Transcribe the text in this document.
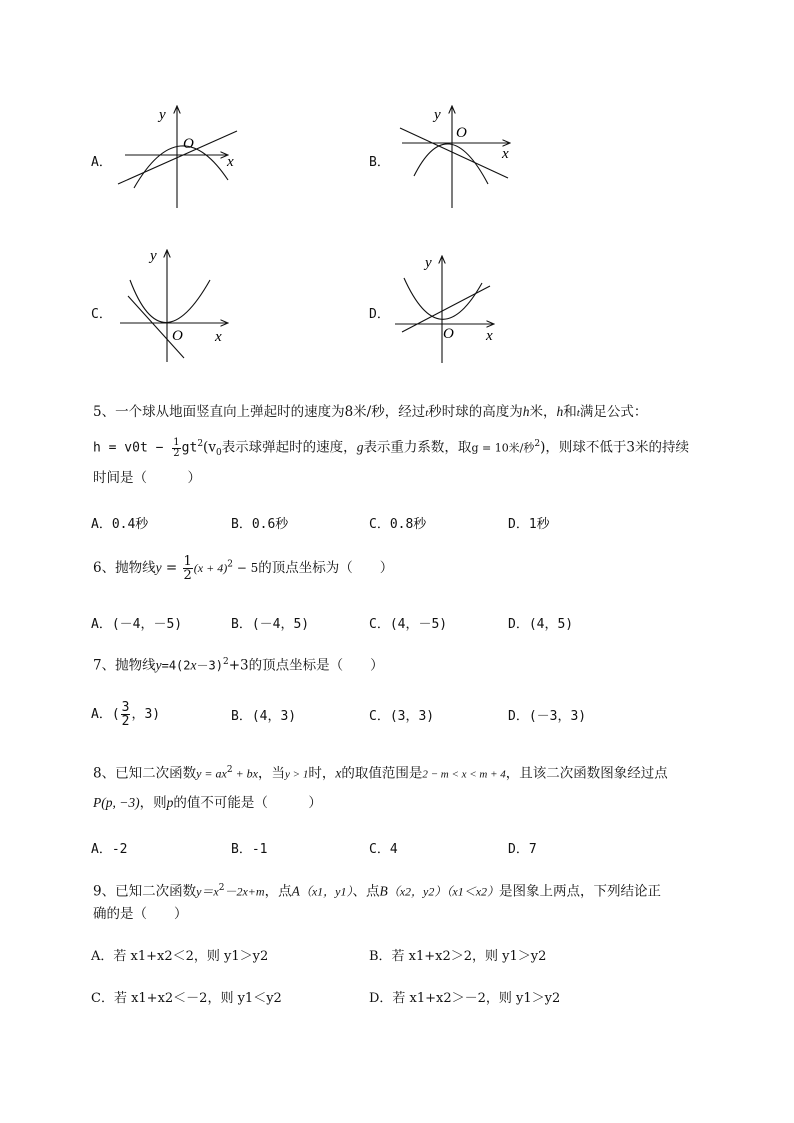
A．
y
O
x	B．
y
O
x
C．
y
O x
D．
y
O x
5、一个球从地面竖直向上弹起时的速度为8米/秒，经过t秒时球的高度为h米，h和t满足公式：
$h = v0t - \frac{1}{2} gt^2(v_0$表示球弹起时的速度，g表示重力系数，取g = 10米/秒$^2$)，则球不低于3米的持续
时间是（　　　）
A．0.4秒	B．0.6秒	C．0.8秒	D．1秒
6、抛物线$y = \frac{1}{2} (x + 4)^2 - 5$的顶点坐标为（　　）
A．(－4，－5)	B．(－4，5)	C．(4，－5)	D．(4，5)
7、抛物线$y=4(2x-3)^2+3$的顶点坐标是（　　）
A．( $\frac{3}{2}$ ，3)	B．(4，3)	C．(3，3)	D．(－3，3)
8、已知二次函数$y = ax^2$ + bx，当y > 1时，x的取值范围是2 − m < x < m + 4，且该二次函数图象经过点
P(p, −3)，则p的值不可能是（　　　）
A．-2	B．-1	C．4	D．7
9、已知二次函数$y=x^2-2x+m$，点A（x1，y1）、点B（x2，y2）（x1＜x2）是图象上两点，下列结论正
确的是（　　）
A．若 x1+x2＜2，则 y1＞y2	B．若 x1+x2＞2，则 y1＞y2
C．若 x1+x2＜－2，则 y1＜y2	D．若 x1+x2＞－2，则 y1＞y2
